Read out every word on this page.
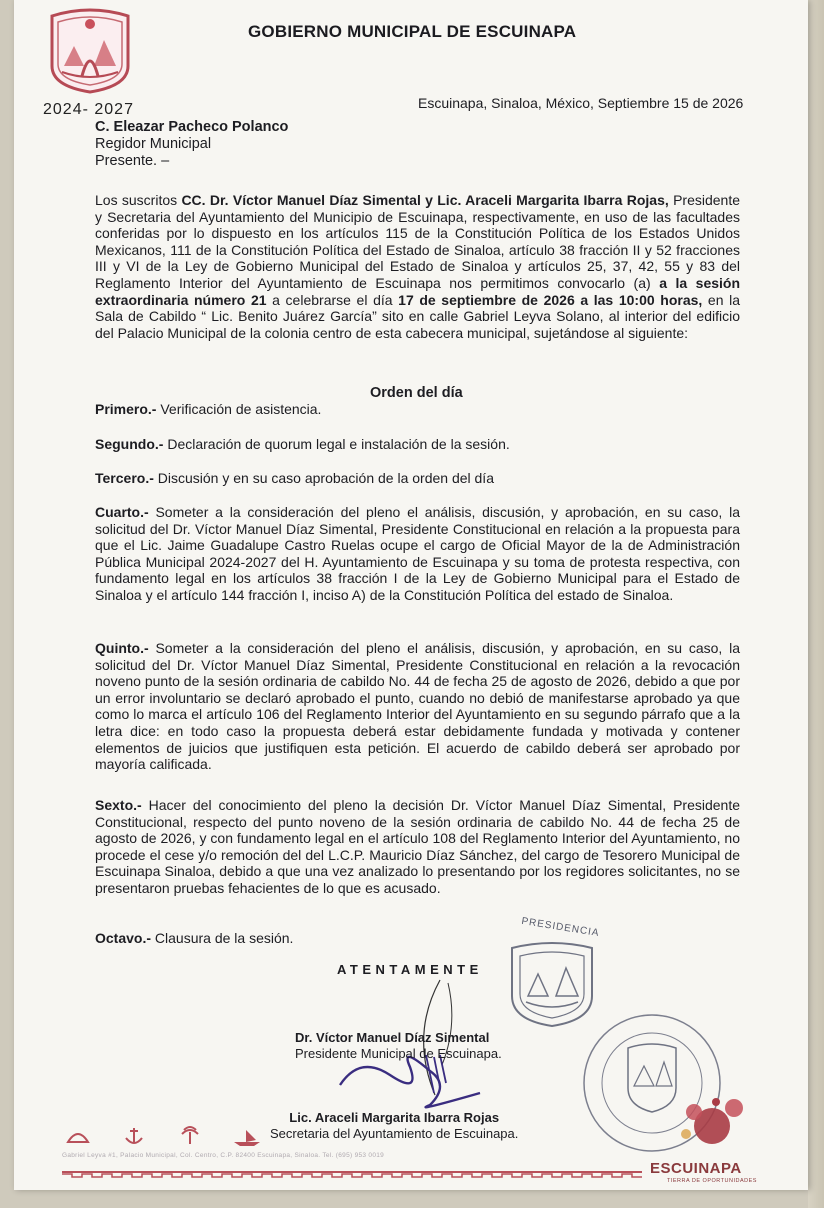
GOBIERNO MUNICIPAL DE ESCUINAPA
2024- 2027	Escuinapa, Sinaloa, México, Septiembre 15 de 2026
C. Eleazar Pacheco Polanco
Regidor Municipal
Presente. –
Los suscritos CC. Dr. Víctor Manuel Díaz Simental y Lic. Araceli Margarita Ibarra Rojas, Presidente y Secretaria del Ayuntamiento del Municipio de Escuinapa, respectivamente, en uso de las facultades conferidas por lo dispuesto en los artículos 115 de la Constitución Política de los Estados Unidos Mexicanos, 111 de la Constitución Política del Estado de Sinaloa, artículo 38 fracción II y 52 fracciones III y VI de la Ley de Gobierno Municipal del Estado de Sinaloa y artículos 25, 37, 42, 55 y 83 del Reglamento Interior del Ayuntamiento de Escuinapa nos permitimos convocarlo (a) a la sesión extraordinaria número 21 a celebrarse el día 17 de septiembre de 2026 a las 10:00 horas, en la Sala de Cabildo “ Lic. Benito Juárez García” sito en calle Gabriel Leyva Solano, al interior del edificio del Palacio Municipal de la colonia centro de esta cabecera municipal, sujetándose al siguiente:
Orden del día
Primero.- Verificación de asistencia.
Segundo.- Declaración de quorum legal e instalación de la sesión.
Tercero.- Discusión y en su caso aprobación de la orden del día
Cuarto.- Someter a la consideración del pleno el análisis, discusión, y aprobación, en su caso, la solicitud del Dr. Víctor Manuel Díaz Simental, Presidente Constitucional en relación a la propuesta para que el Lic. Jaime Guadalupe Castro Ruelas ocupe el cargo de Oficial Mayor de la de Administración Pública Municipal 2024-2027 del H. Ayuntamiento de Escuinapa y su toma de protesta respectiva, con fundamento legal en los artículos 38 fracción I de la Ley de Gobierno Municipal para el Estado de Sinaloa y el artículo 144 fracción I, inciso A) de la Constitución Política del estado de Sinaloa.
Quinto.- Someter a la consideración del pleno el análisis, discusión, y aprobación, en su caso, la solicitud del Dr. Víctor Manuel Díaz Simental, Presidente Constitucional en relación a la revocación noveno punto de la sesión ordinaria de cabildo No. 44 de fecha 25 de agosto de 2026, debido a que por un error involuntario se declaró aprobado el punto, cuando no debió de manifestarse aprobado ya que como lo marca el artículo 106 del Reglamento Interior del Ayuntamiento en su segundo párrafo que a la letra dice: en todo caso la propuesta deberá estar debidamente fundada y motivada y contener elementos de juicios que justifiquen esta petición. El acuerdo de cabildo deberá ser aprobado por mayoría calificada.
Sexto.- Hacer del conocimiento del pleno la decisión Dr. Víctor Manuel Díaz Simental, Presidente Constitucional, respecto del punto noveno de la sesión ordinaria de cabildo No. 44 de fecha 25 de agosto de 2026, y con fundamento legal en el artículo 108 del Reglamento Interior del Ayuntamiento, no procede el cese y/o remoción del del L.C.P. Mauricio Díaz Sánchez, del cargo de Tesorero Municipal de Escuinapa Sinaloa, debido a que una vez analizado lo presentando por los regidores solicitantes, no se presentaron pruebas fehacientes de lo que es acusado.
Octavo.- Clausura de la sesión.	PRESIDENCIA
ATENTAMENTE
Dr. Víctor Manuel Díaz Simental
Presidente Municipal de Escuinapa.
Lic. Araceli Margarita Ibarra Rojas
Secretaria del Ayuntamiento de Escuinapa.
Gabriel Leyva #1, Palacio Municipal, Col. Centro, C.P. 82400 Escuinapa, Sinaloa. Tel. (695) 953 0019
ESCUINAPA
TIERRA DE OPORTUNIDADES
